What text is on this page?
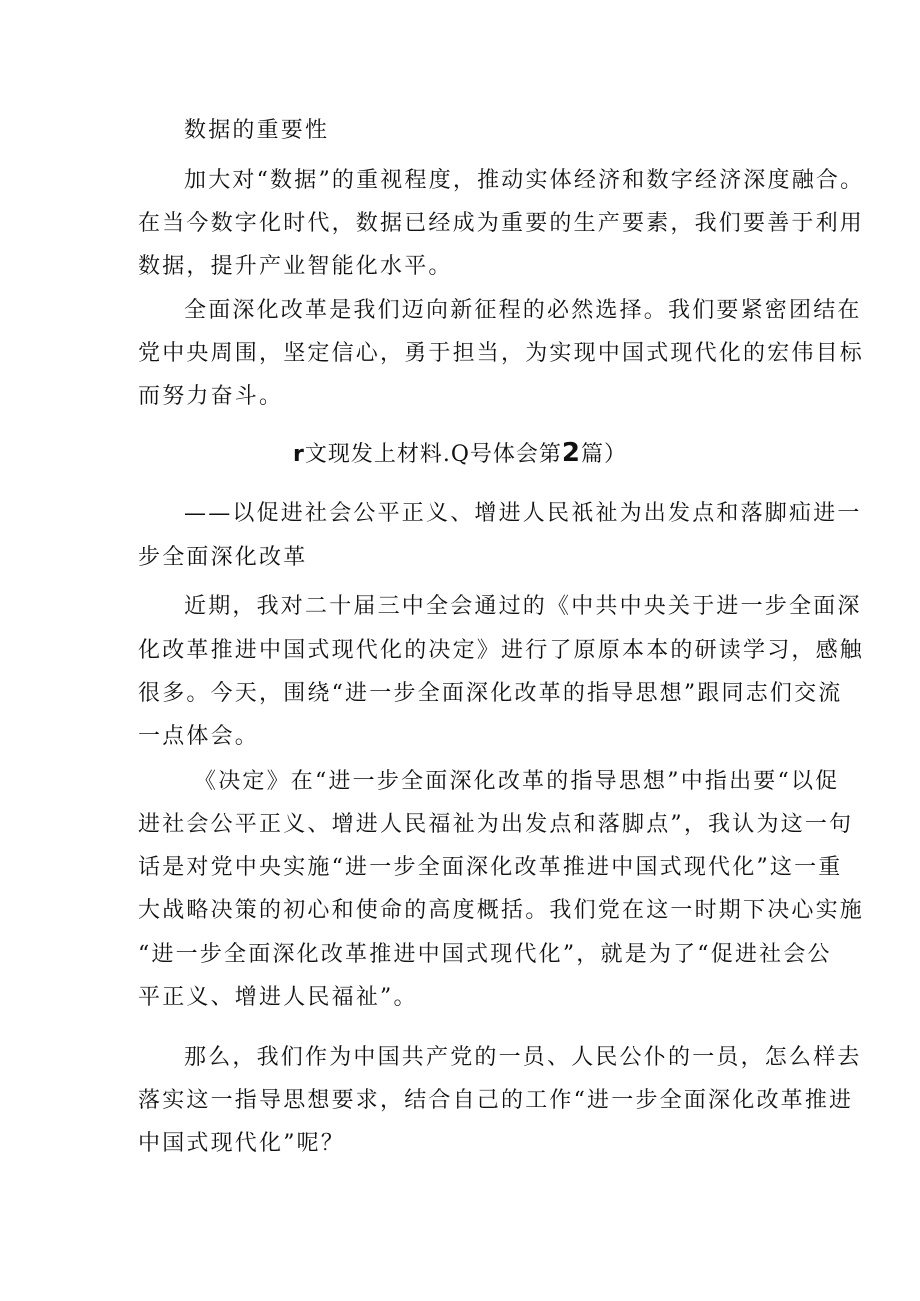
数据的重要性
加大对“数据”的重视程度，推动实体经济和数字经济深度融合。
在当今数字化时代，数据已经成为重要的生产要素，我们要善于利用
数据，提升产业智能化水平。
全面深化改革是我们迈向新征程的必然选择。我们要紧密团结在
党中央周围，坚定信心，勇于担当，为实现中国式现代化的宏伟目标
而努力奋斗。
r文现发上材料.Q号体会第2篇）
——以促进社会公平正义、增进人民祇祉为出发点和落脚疝进一
步全面深化改革
近期，我对二十届三中全会通过的《中共中央关于进一步全面深
化改革推进中国式现代化的决定》进行了原原本本的研读学习，感触
很多。今天，围绕“进一步全面深化改革的指导思想”跟同志们交流
一点体会。
《决定》在“进一步全面深化改革的指导思想”中指出要“以促
进社会公平正义、增进人民福祉为出发点和落脚点”，我认为这一句
话是对党中央实施“进一步全面深化改革推进中国式现代化”这一重
大战略决策的初心和使命的高度概括。我们党在这一时期下决心实施
“进一步全面深化改革推进中国式现代化”，就是为了“促进社会公
平正义、增进人民福祉”。
那么，我们作为中国共产党的一员、人民公仆的一员，怎么样去
落实这一指导思想要求，结合自己的工作“进一步全面深化改革推进
中国式现代化”呢？
